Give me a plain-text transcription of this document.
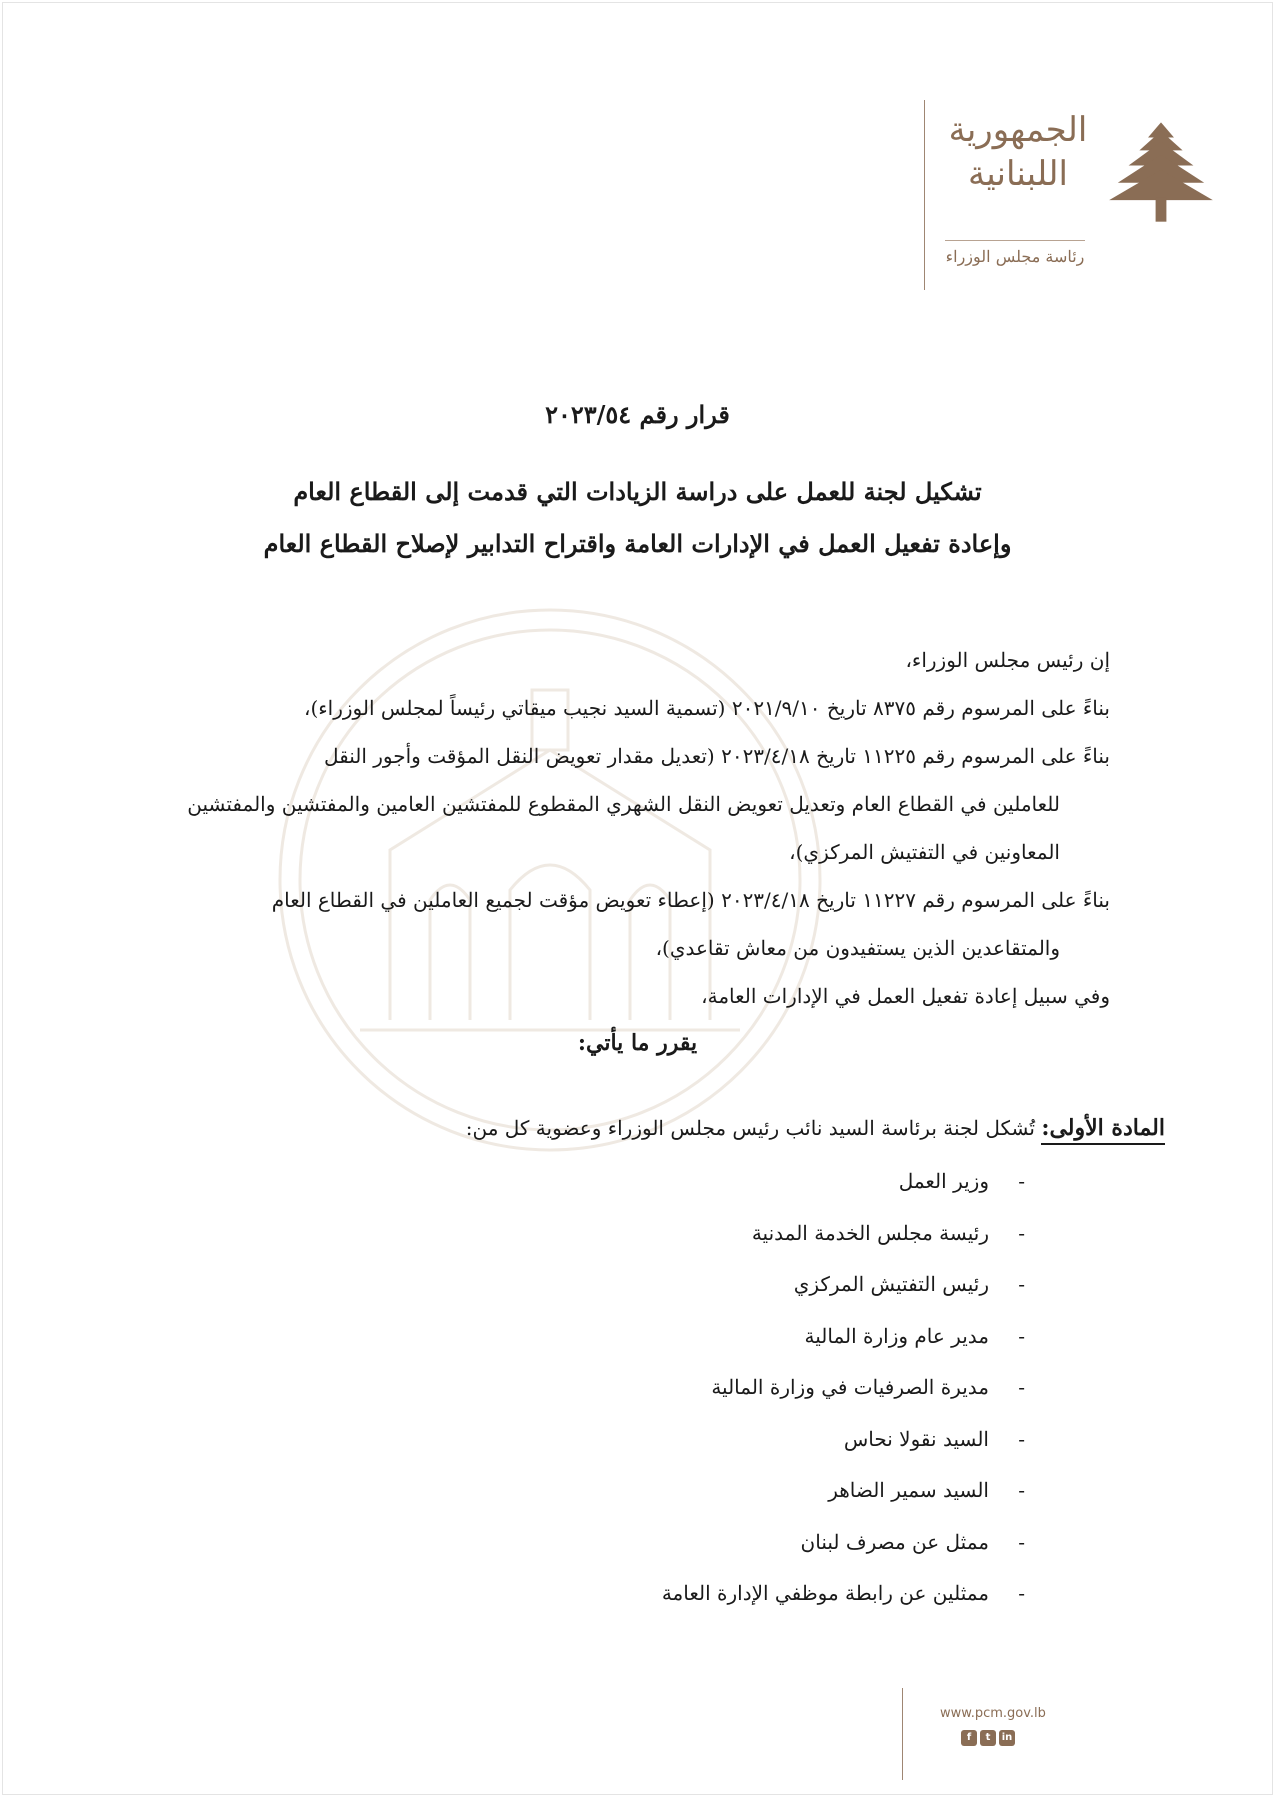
الجمهورية
اللبنانية
رئاسة مجلس الوزراء
قرار رقم ٢٠٢٣/٥٤
تشكيل لجنة للعمل على دراسة الزيادات التي قدمت إلى القطاع العام
وإعادة تفعيل العمل في الإدارات العامة واقتراح التدابير لإصلاح القطاع العام

إن رئيس مجلس الوزراء،

بناءً على المرسوم رقم ٨٣٧٥ تاريخ ٢٠٢١/٩/١٠ (تسمية السيد نجيب ميقاتي رئيساً لمجلس الوزراء)،

بناءً على المرسوم رقم ١١٢٢٥ تاريخ ٢٠٢٣/٤/١٨ (تعديل مقدار تعويض النقل المؤقت وأجور النقل

للعاملين في القطاع العام وتعديل تعويض النقل الشهري المقطوع للمفتشين العامين والمفتشين والمفتشين

المعاونين في التفتيش المركزي)،

بناءً على المرسوم رقم ١١٢٢٧ تاريخ ٢٠٢٣/٤/١٨ (إعطاء تعويض مؤقت لجميع العاملين في القطاع العام

والمتقاعدين الذين يستفيدون من معاش تقاعدي)،

وفي سبيل إعادة تفعيل العمل في الإدارات العامة،

يقرر ما يأتي:
المادة الأولى: تُشكل لجنة برئاسة السيد نائب رئيس مجلس الوزراء وعضوية كل من:
- وزير العمل
- رئيسة مجلس الخدمة المدنية
- رئيس التفتيش المركزي
- مدير عام وزارة المالية
- مديرة الصرفيات في وزارة المالية
- السيد نقولا نحاس
- السيد سمير الضاهر
- ممثل عن مصرف لبنان
- ممثلين عن رابطة موظفي الإدارة العامة
www.pcm.gov.lb
f	t	in
